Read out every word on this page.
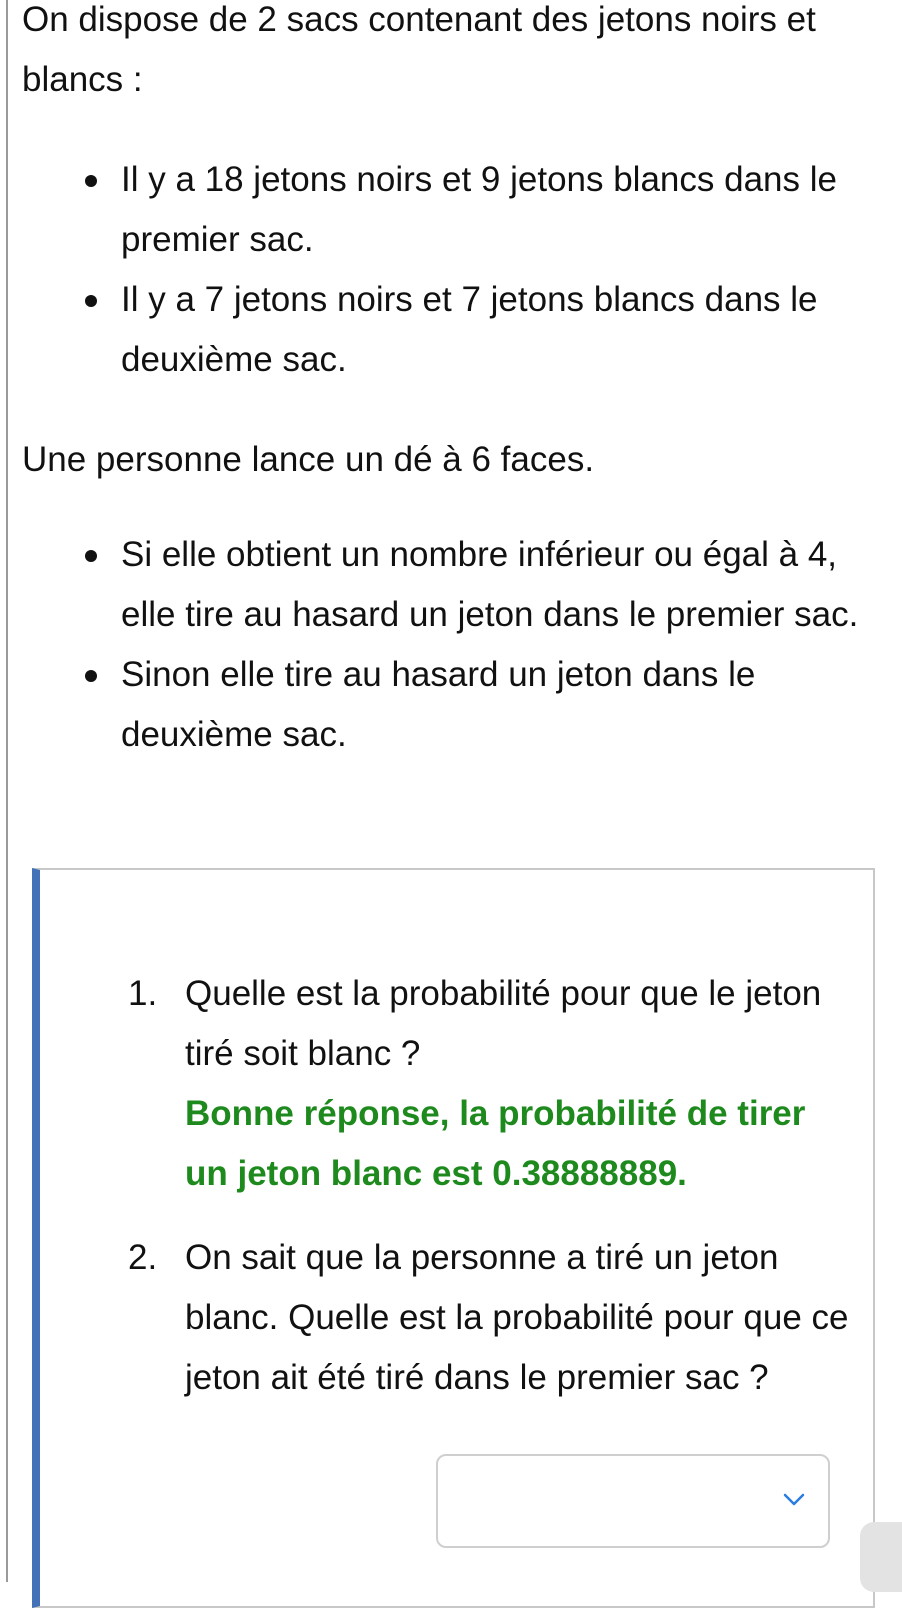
On dispose de 2 sacs contenant des jetons noirs et blancs :

Il y a 18 jetons noirs et 9 jetons blancs dans le premier sac.
Il y a 7 jetons noirs et 7 jetons blancs dans le deuxième sac.

Une personne lance un dé à 6 faces.

Si elle obtient un nombre inférieur ou égal à 4, elle tire au hasard un jeton dans le premier sac.
Sinon elle tire au hasard un jeton dans le deuxième sac.
1. Quelle est la probabilité pour que le jeton tiré soit blanc ?
Bonne réponse, la probabilité de tirer un jeton blanc est 0.38888889.
2. On sait que la personne a tiré un jeton blanc. Quelle est la probabilité pour que ce jeton ait été tiré dans le premier sac ?
